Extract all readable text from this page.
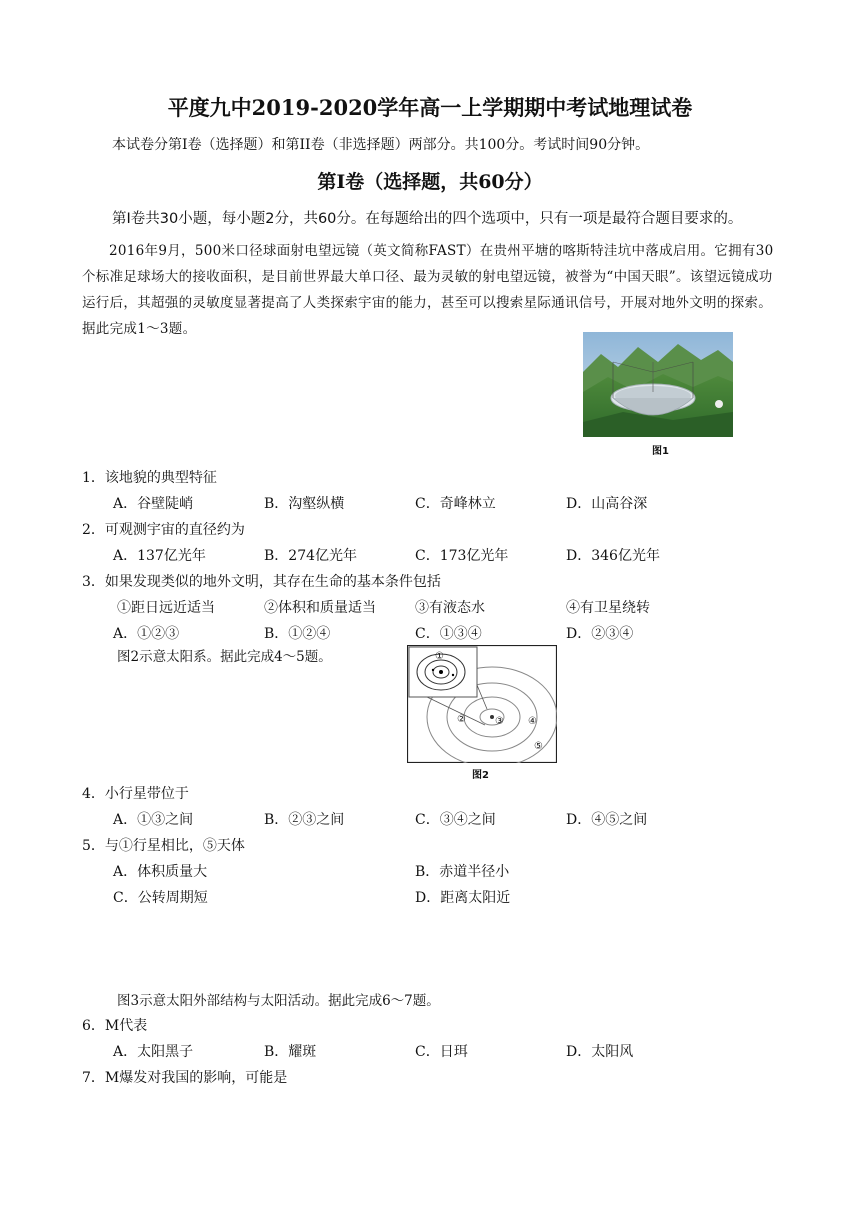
平度九中2019-2020学年高一上学期期中考试地理试卷
本试卷分第I卷（选择题）和第II卷（非选择题）两部分。共100分。考试时间90分钟。
第I卷（选择题，共60分）
第I卷共30小题，每小题2分，共60分。在每题给出的四个选项中，只有一项是最符合题目要求的。

2016年9月，500米口径球面射电望远镜（英文简称FAST）在贵州平塘的喀斯特洼坑中落成启用。它拥有30个标准足球场大的接收面积，是目前世界最大单口径、最为灵敏的射电望远镜，被誉为“中国天眼”。该望远镜成功运行后，其超强的灵敏度显著提高了人类探索宇宙的能力，甚至可以搜索星际通讯信号，开展对地外文明的探索。据此完成1～3题。

图1
1．该地貌的典型特征
A．谷壁陡峭	B．沟壑纵横	C．奇峰林立	D．山高谷深
2．可观测宇宙的直径约为
A．137亿光年	B．274亿光年	C．173亿光年	D．346亿光年
3．如果发现类似的地外文明，其存在生命的基本条件包括
①距日远近适当	②体积和质量适当	③有液态水	④有卫星绕转
A．①②③	B．①②④	C．①③④	D．②③④
图2示意太阳系。据此完成4～5题。	①
②	③ ④
⑤
图2
4．小行星带位于
A．①③之间	B．②③之间	C．③④之间	D．④⑤之间
5．与①行星相比，⑤天体
A．体积质量大	B．赤道半径小
C．公转周期短	D．距离太阳近
图3示意太阳外部结构与太阳活动。据此完成6～7题。
6．M代表
A．太阳黑子	B．耀斑	C．日珥	D．太阳风
7．M爆发对我国的影响，可能是
